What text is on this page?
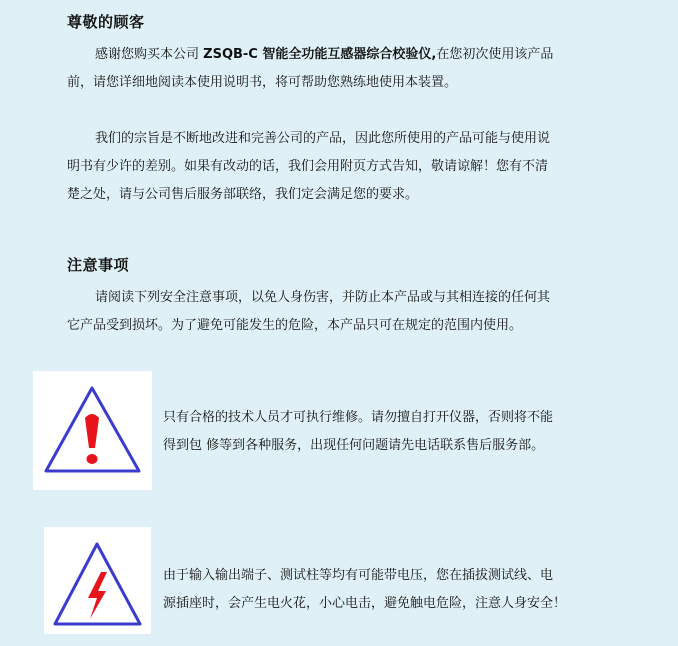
尊敬的顾客

感谢您购买本公司 ZSQB-C 智能全功能互感器综合校验仪,在您初次使用该产品
前，请您详细地阅读本使用说明书，将可帮助您熟练地使用本装置。

我们的宗旨是不断地改进和完善公司的产品，因此您所使用的产品可能与使用说
明书有少许的差别。如果有改动的话，我们会用附页方式告知，敬请谅解！您有不清
楚之处，请与公司售后服务部联络，我们定会满足您的要求。

注意事项

请阅读下列安全注意事项，以免人身伤害，并防止本产品或与其相连接的任何其
它产品受到损坏。为了避免可能发生的危险，本产品只可在规定的范围内使用。

只有合格的技术人员才可执行维修。请勿擅自打开仪器，否则将不能
得到包 修等到各种服务，出现任何问题请先电话联系售后服务部。

由于输入输出端子、测试柱等均有可能带电压，您在插拔测试线、电
源插座时，会产生电火花，小心电击，避免触电危险，注意人身安全！
